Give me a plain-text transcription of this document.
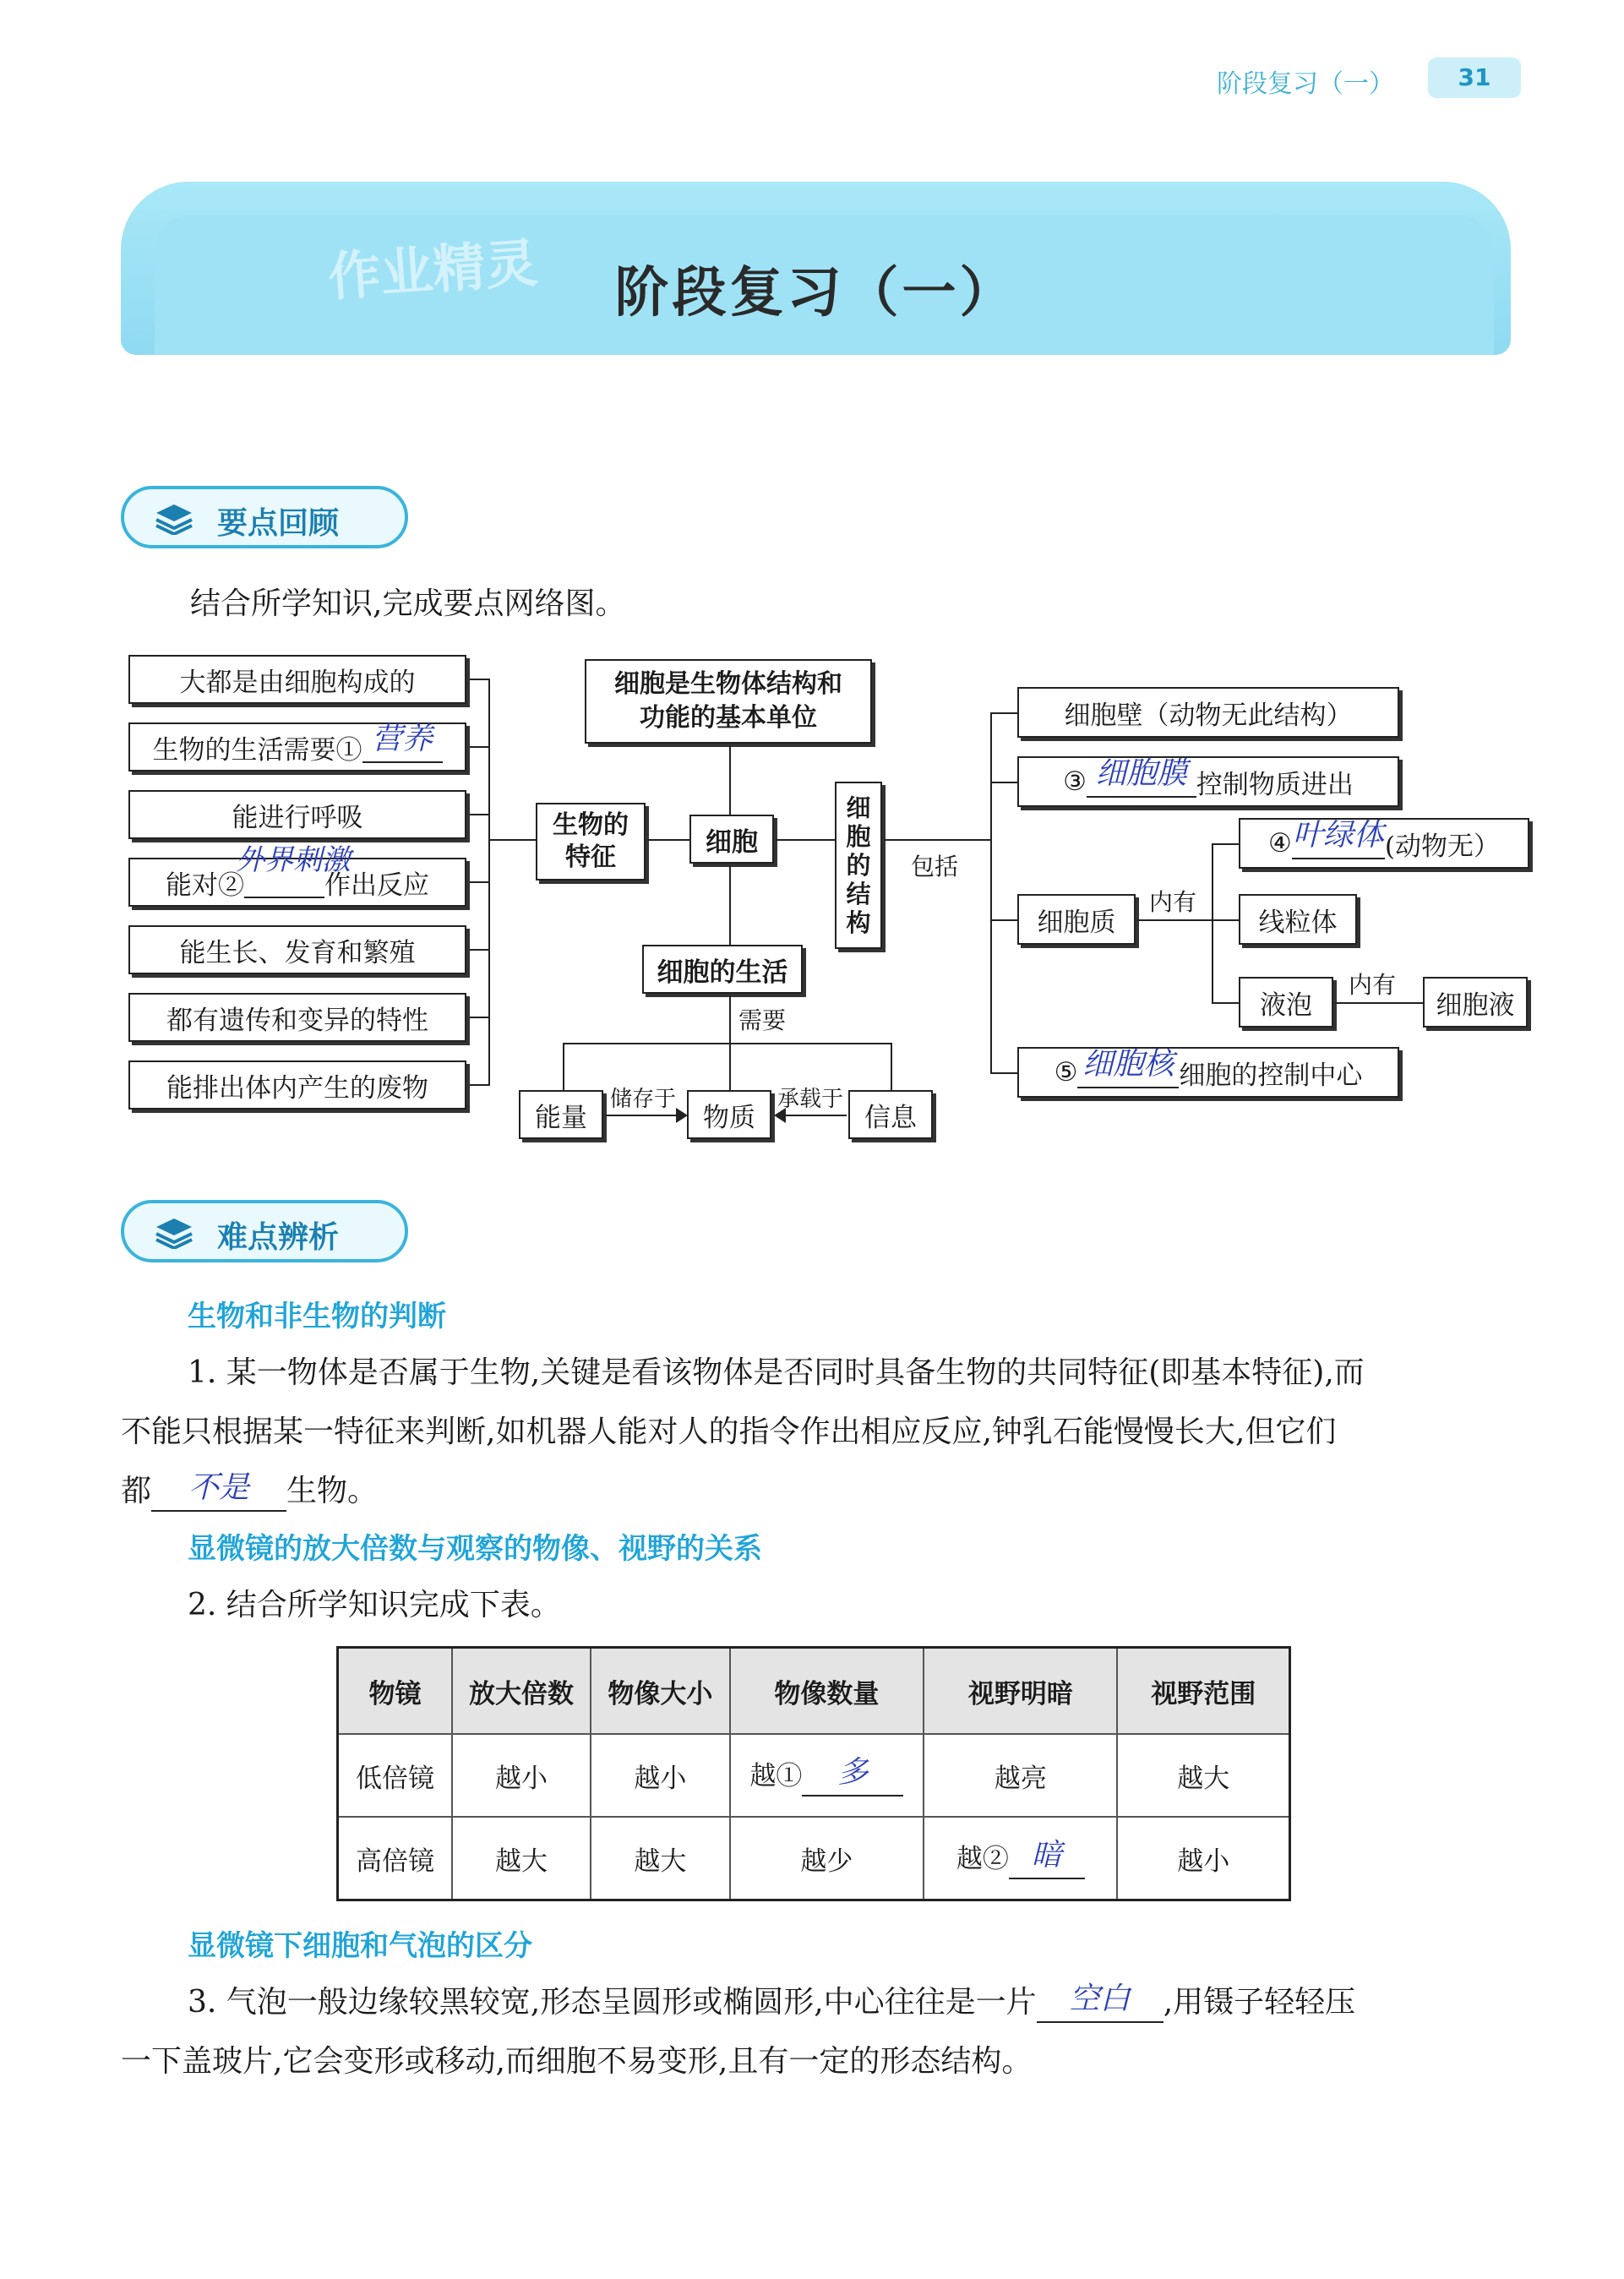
阶段复习（一）	31
作业精灵	阶段复习（一）
要点回顾
结合所学知识,完成要点网络图。
大都是由细胞构成的
生物的生活需要①
营养
能进行呼吸
能对②

外界刺激
作出反应
能生长、发育和繁殖
都有遗传和变异的特性
能排出体内产生的废物
生物的
特征
细胞是生物体结构和
功能的基本单位
细胞
细
胞
的
结
构
包括
细胞壁（动物无此结构）
③
细胞膜 控制物质进出
细胞质
内有
④
叶绿体 (动物无）
线粒体
液泡
内有
细胞液
⑤
细胞核 细胞的控制中心
细胞的生活
需要
能量	物质	信息
储存于	承载于
难点辨析
生物和非生物的判断
1. 某一物体是否属于生物,关键是看该物体是否同时具备生物的共同特征(即基本特征),而
不能只根据某一特征来判断,如机器人能对人的指令作出相应反应,钟乳石能慢慢长大,但它们
都	不是	生物。
显微镜的放大倍数与观察的物像、视野的关系
2. 结合所学知识完成下表。
物镜	放大倍数	物像大小	物像数量	视野明暗	视野范围
低倍镜	越小	越小	越① 多	越亮	越大
高倍镜	越大	越大	越少	越② 暗	越小
显微镜下细胞和气泡的区分
3. 气泡一般边缘较黑较宽,形态呈圆形或椭圆形,中心往往是一片	空白	,用镊子轻轻压
一下盖玻片,它会变形或移动,而细胞不易变形,且有一定的形态结构。
